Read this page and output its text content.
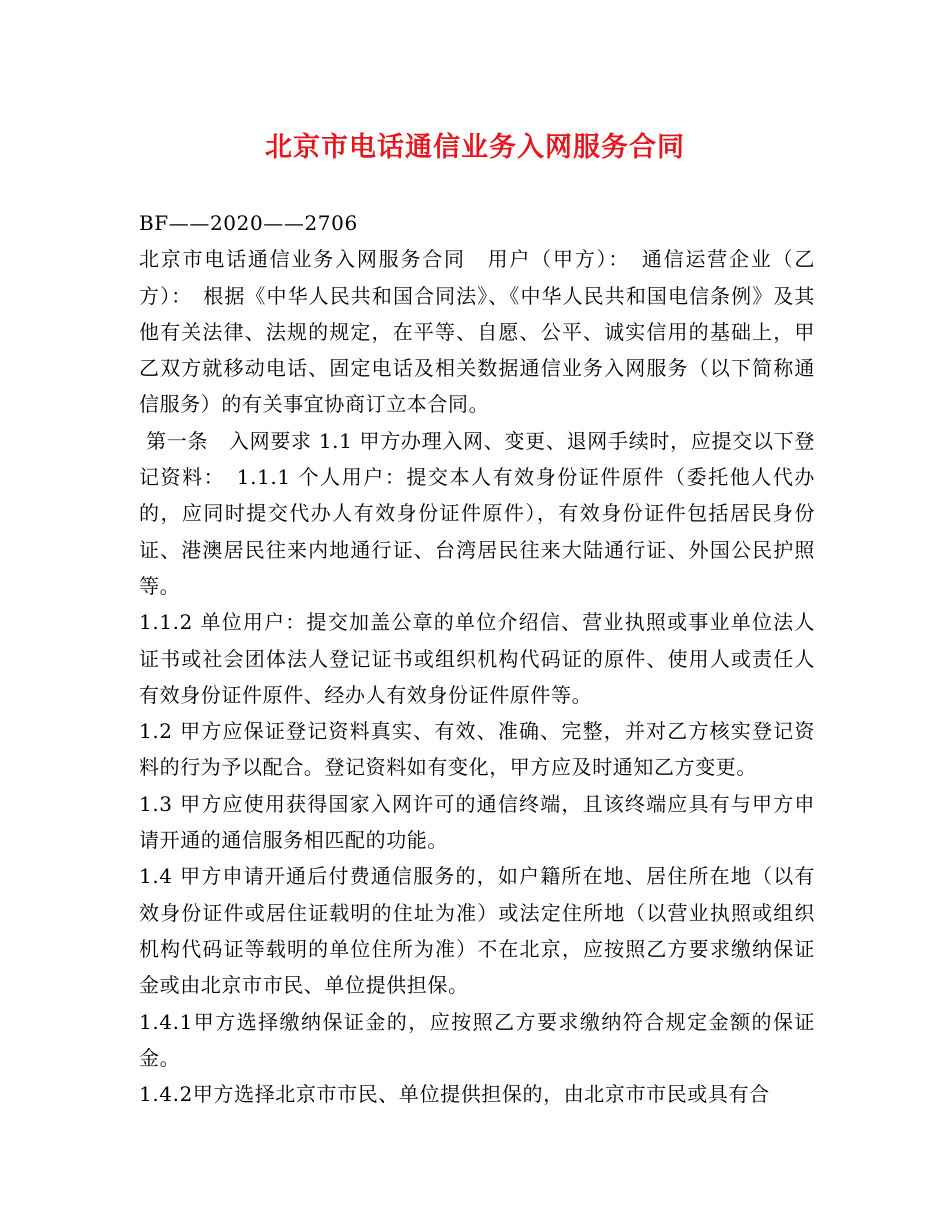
北京市电话通信业务入网服务合同

BF——2020——2706

北京市电话通信业务入网服务合同　用户（甲方）：　通信运营企业（乙方）：　根据《中华人民共和国合同法》、《中华人民共和国电信条例》及其他有关法律、法规的规定，在平等、自愿、公平、诚实信用的基础上，甲乙双方就移动电话、固定电话及相关数据通信业务入网服务（以下简称通信服务）的有关事宜协商订立本合同。

第一条　入网要求 1.1 甲方办理入网、变更、退网手续时，应提交以下登记资料：　1.1.1 个人用户：提交本人有效身份证件原件（委托他人代办的，应同时提交代办人有效身份证件原件），有效身份证件包括居民身份证、港澳居民往来内地通行证、台湾居民往来大陆通行证、外国公民护照等。

1.1.2 单位用户：提交加盖公章的单位介绍信、营业执照或事业单位法人证书或社会团体法人登记证书或组织机构代码证的原件、使用人或责任人有效身份证件原件、经办人有效身份证件原件等。

1.2 甲方应保证登记资料真实、有效、准确、完整，并对乙方核实登记资料的行为予以配合。登记资料如有变化，甲方应及时通知乙方变更。

1.3 甲方应使用获得国家入网许可的通信终端，且该终端应具有与甲方申请开通的通信服务相匹配的功能。

1.4 甲方申请开通后付费通信服务的，如户籍所在地、居住所在地（以有效身份证件或居住证载明的住址为准）或法定住所地（以营业执照或组织机构代码证等载明的单位住所为准）不在北京，应按照乙方要求缴纳保证金或由北京市市民、单位提供担保。

1.4.1甲方选择缴纳保证金的，应按照乙方要求缴纳符合规定金额的保证金。

1.4.2甲方选择北京市市民、单位提供担保的，由北京市市民或具有合
